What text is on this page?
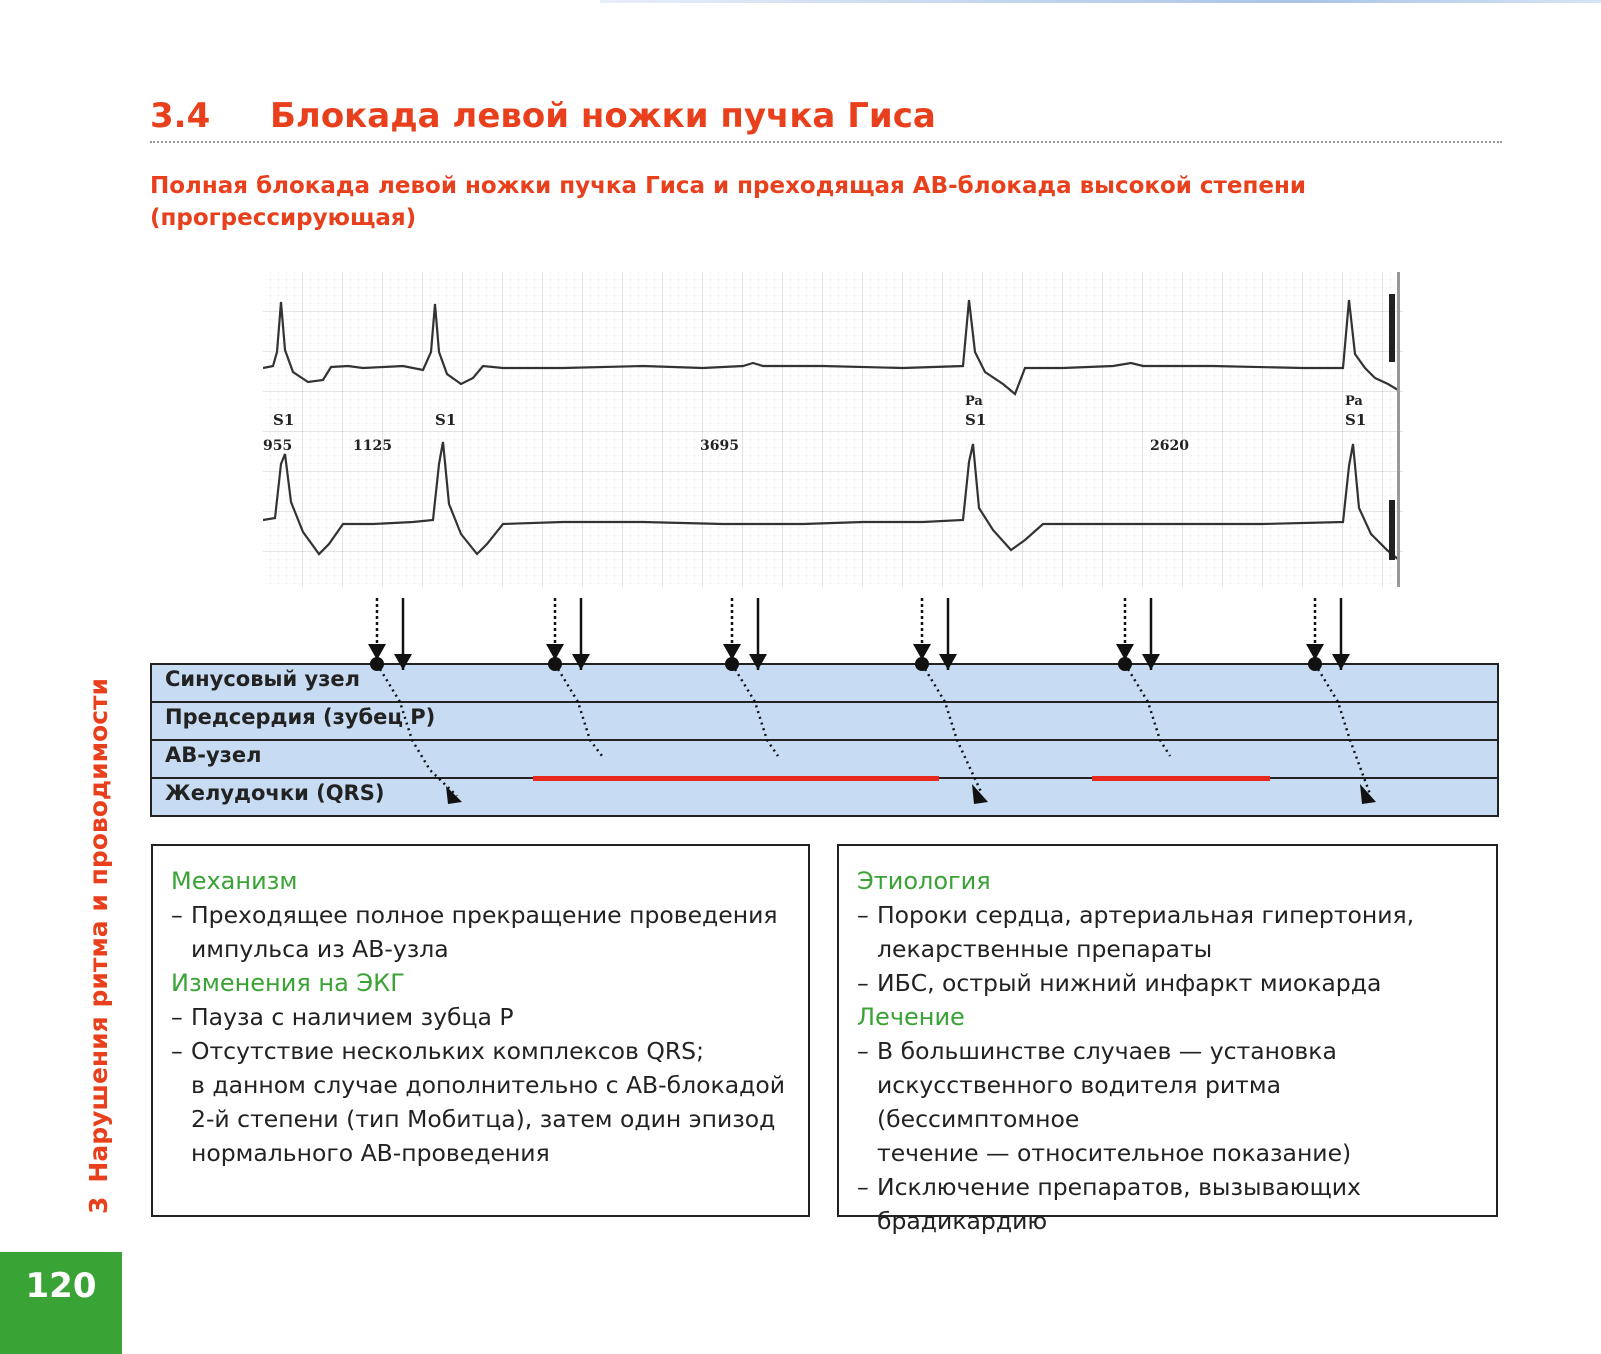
3.4 Блокада левой ножки пучка Гиса
Полная блокада левой ножки пучка Гиса и преходящая АВ-блокада высокой степени (прогрессирующая)
S1	S1
Pa
S1
Pa
S1
955	1125	3695	2620
Синусовый узел
Предсердия (зубец P)
АВ-узел
Желудочки (QRS)
Механизм
– Преходящее полное прекращение проведения
импульса из АВ-узла
Изменения на ЭКГ
– Пауза с наличием зубца P
– Отсутствие нескольких комплексов QRS;
в данном случае дополнительно с АВ-блокадой
2-й степени (тип Мобитца), затем один эпизод
нормального АВ-проведения
Этиология
– Пороки сердца, артериальная гипертония,
лекарственные препараты
– ИБС, острый нижний инфаркт миокарда
Лечение
– В большинстве случаев — установка
искусственного водителя ритма (бессимптомное
течение — относительное показание)
– Исключение препаратов, вызывающих
брадикардию
3Нарушения ритма и проводимости
120
